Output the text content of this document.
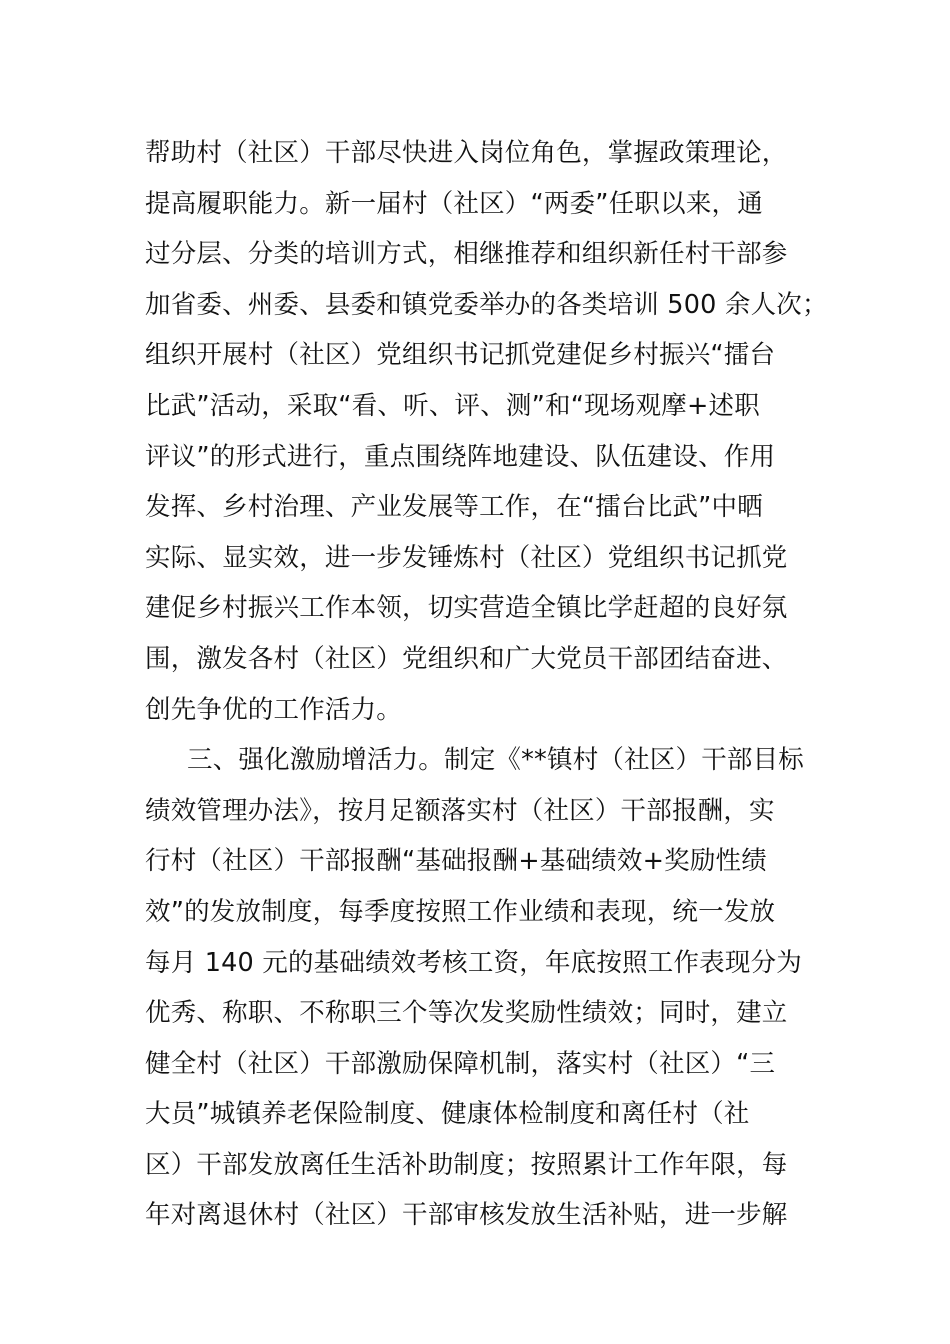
帮助村（社区）干部尽快进入岗位角色，掌握政策理论，
提高履职能力。新一届村（社区）“两委”任职以来，通
过分层、分类的培训方式，相继推荐和组织新任村干部参
加省委、州委、县委和镇党委举办的各类培训 500 余人次；
组织开展村（社区）党组织书记抓党建促乡村振兴“擂台
比武”活动，采取“看、听、评、测”和“现场观摩+述职
评议”的形式进行，重点围绕阵地建设、队伍建设、作用
发挥、乡村治理、产业发展等工作，在“擂台比武”中晒
实际、显实效，进一步发锤炼村（社区）党组织书记抓党
建促乡村振兴工作本领，切实营造全镇比学赶超的良好氛
围，激发各村（社区）党组织和广大党员干部团结奋进、
创先争优的工作活力。
三、强化激励增活力。制定《**镇村（社区）干部目标
绩效管理办法》，按月足额落实村（社区）干部报酬，实
行村（社区）干部报酬“基础报酬+基础绩效+奖励性绩
效”的发放制度，每季度按照工作业绩和表现，统一发放
每月 140 元的基础绩效考核工资，年底按照工作表现分为
优秀、称职、不称职三个等次发奖励性绩效；同时，建立
健全村（社区）干部激励保障机制，落实村（社区）“三
大员”城镇养老保险制度、健康体检制度和离任村（社
区）干部发放离任生活补助制度；按照累计工作年限，每
年对离退休村（社区）干部审核发放生活补贴，进一步解
